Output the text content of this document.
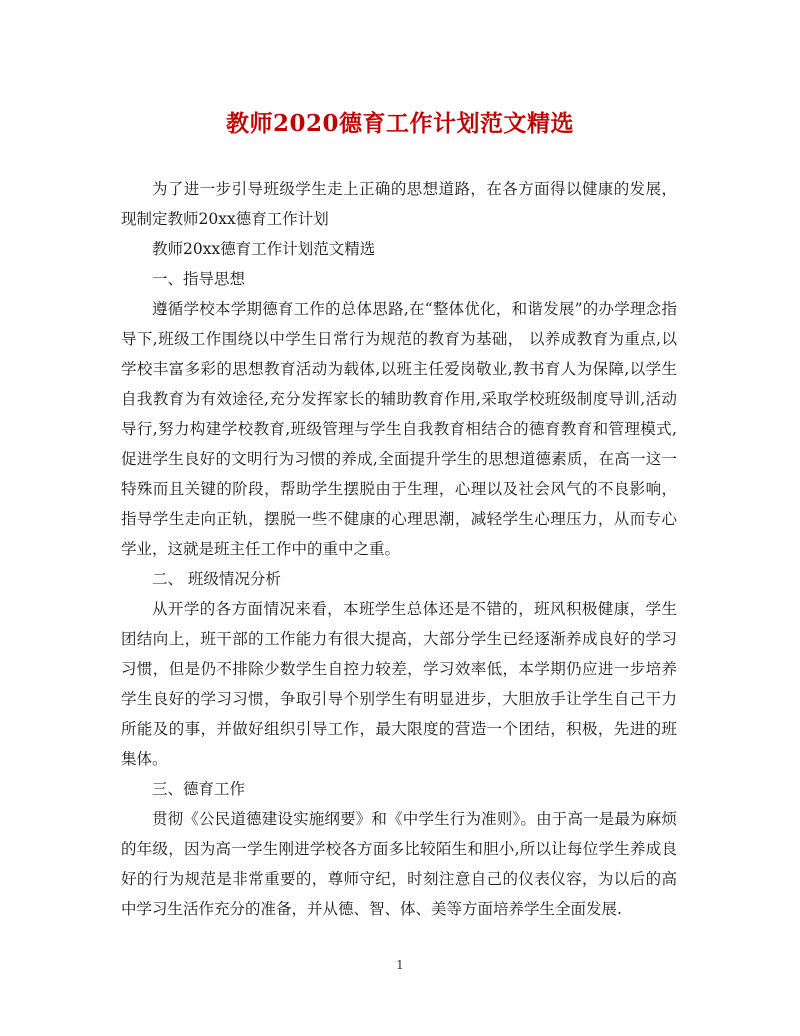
教师2020德育工作计划范文精选

为了进一步引导班级学生走上正确的思想道路，在各方面得以健康的发展，现制定教师20xx德育工作计划

教师20xx德育工作计划范文精选

一、指导思想

遵循学校本学期德育工作的总体思路,在“整体优化，和谐发展”的办学理念指导下,班级工作围绕以中学生日常行为规范的教育为基础， 以养成教育为重点,以学校丰富多彩的思想教育活动为载体,以班主任爱岗敬业,教书育人为保障,以学生自我教育为有效途径,充分发挥家长的辅助教育作用,采取学校班级制度导训,活动导行,努力构建学校教育,班级管理与学生自我教育相结合的德育教育和管理模式,促进学生良好的文明行为习惯的养成,全面提升学生的思想道德素质，在高一这一特殊而且关键的阶段，帮助学生摆脱由于生理，心理以及社会风气的不良影响，指导学生走向正轨，摆脱一些不健康的心理思潮，减轻学生心理压力，从而专心学业，这就是班主任工作中的重中之重。

二、 班级情况分析

从开学的各方面情况来看，本班学生总体还是不错的，班风积极健康，学生团结向上，班干部的工作能力有很大提高，大部分学生已经逐渐养成良好的学习习惯，但是仍不排除少数学生自控力较差，学习效率低，本学期仍应进一步培养学生良好的学习习惯，争取引导个别学生有明显进步，大胆放手让学生自己干力所能及的事，并做好组织引导工作，最大限度的营造一个团结，积极，先进的班集体。

三、德育工作

贯彻《公民道德建设实施纲要》和《中学生行为准则》。由于高一是最为麻烦的年级，因为高一学生刚进学校各方面多比较陌生和胆小,所以让每位学生养成良好的行为规范是非常重要的，尊师守纪，时刻注意自己的仪表仪容，为以后的高中学习生活作充分的准备，并从德、智、体、美等方面培养学生全面发展.

1
